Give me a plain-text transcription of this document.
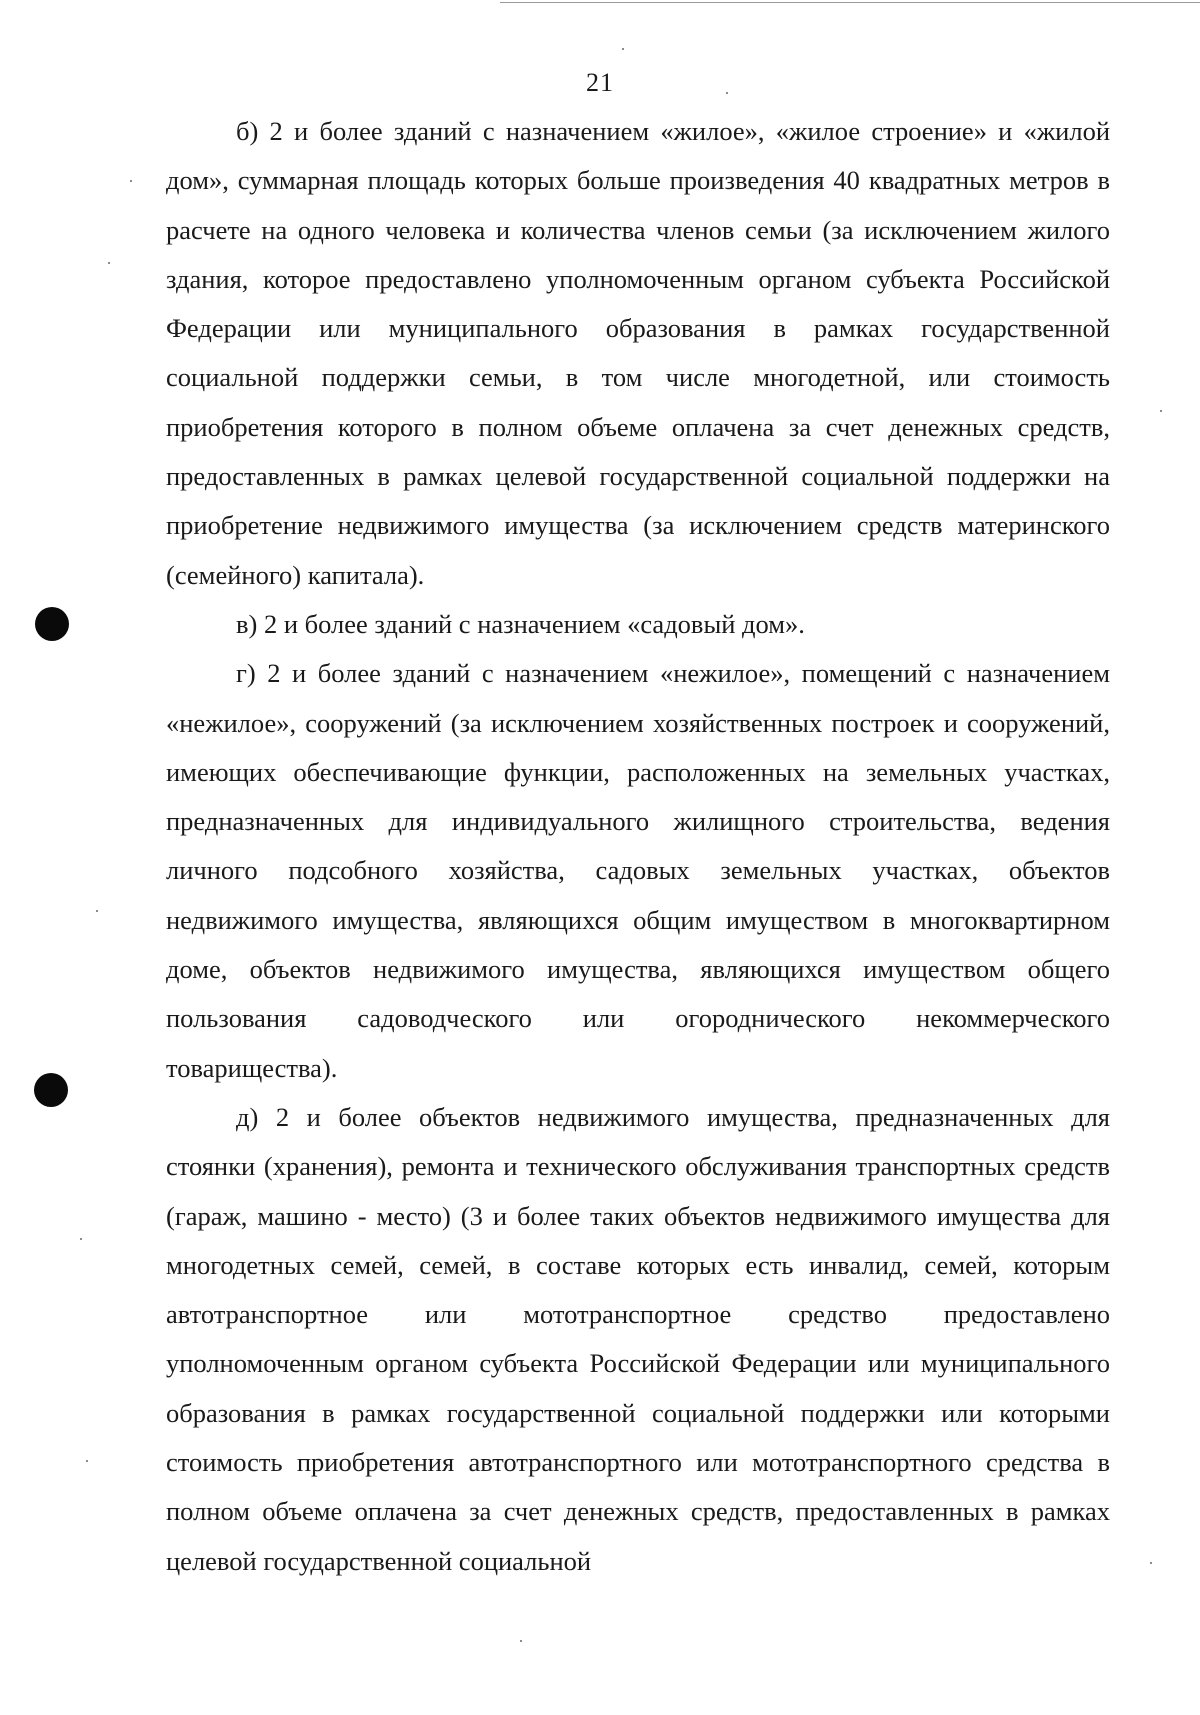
21

б) 2 и более зданий с назначением «жилое», «жилое строение» и «жилой дом», суммарная площадь которых больше произведения 40 квадратных метров в расчете на одного человека и количества членов семьи (за исключением жилого здания, которое предоставлено уполномоченным органом субъекта Российской Федерации или муниципального образования в рамках государственной социальной поддержки семьи, в том числе многодетной, или стоимость приобретения которого в полном объеме оплачена за счет денежных средств, предоставленных в рамках целевой государственной социальной поддержки на приобретение недвижимого имущества (за исключением средств материнского (семейного) капитала).

в) 2 и более зданий с назначением «садовый дом».

г) 2 и более зданий с назначением «нежилое», помещений с назначением «нежилое», сооружений (за исключением хозяйственных построек и сооружений, имеющих обеспечивающие функции, расположенных на земельных участках, предназначенных для индивидуального жилищного строительства, ведения личного подсобного хозяйства, садовых земельных участках, объектов недвижимого имущества, являющихся общим имуществом в многоквартирном доме, объектов недвижимого имущества, являющихся имуществом общего пользования садоводческого или огороднического некоммерческого товарищества).

д) 2 и более объектов недвижимого имущества, предназначенных для стоянки (хранения), ремонта и технического обслуживания транспортных средств (гараж, машино - место) (3 и более таких объектов недвижимого имущества для многодетных семей, семей, в составе которых есть инвалид, семей, которым автотранспортное или мототранспортное средство предоставлено уполномоченным органом субъекта Российской Федерации или муниципального образования в рамках государственной социальной поддержки или которыми стоимость приобретения автотранспортного или мототранспортного средства в полном объеме оплачена за счет денежных средств, предоставленных в рамках целевой государственной социальной
